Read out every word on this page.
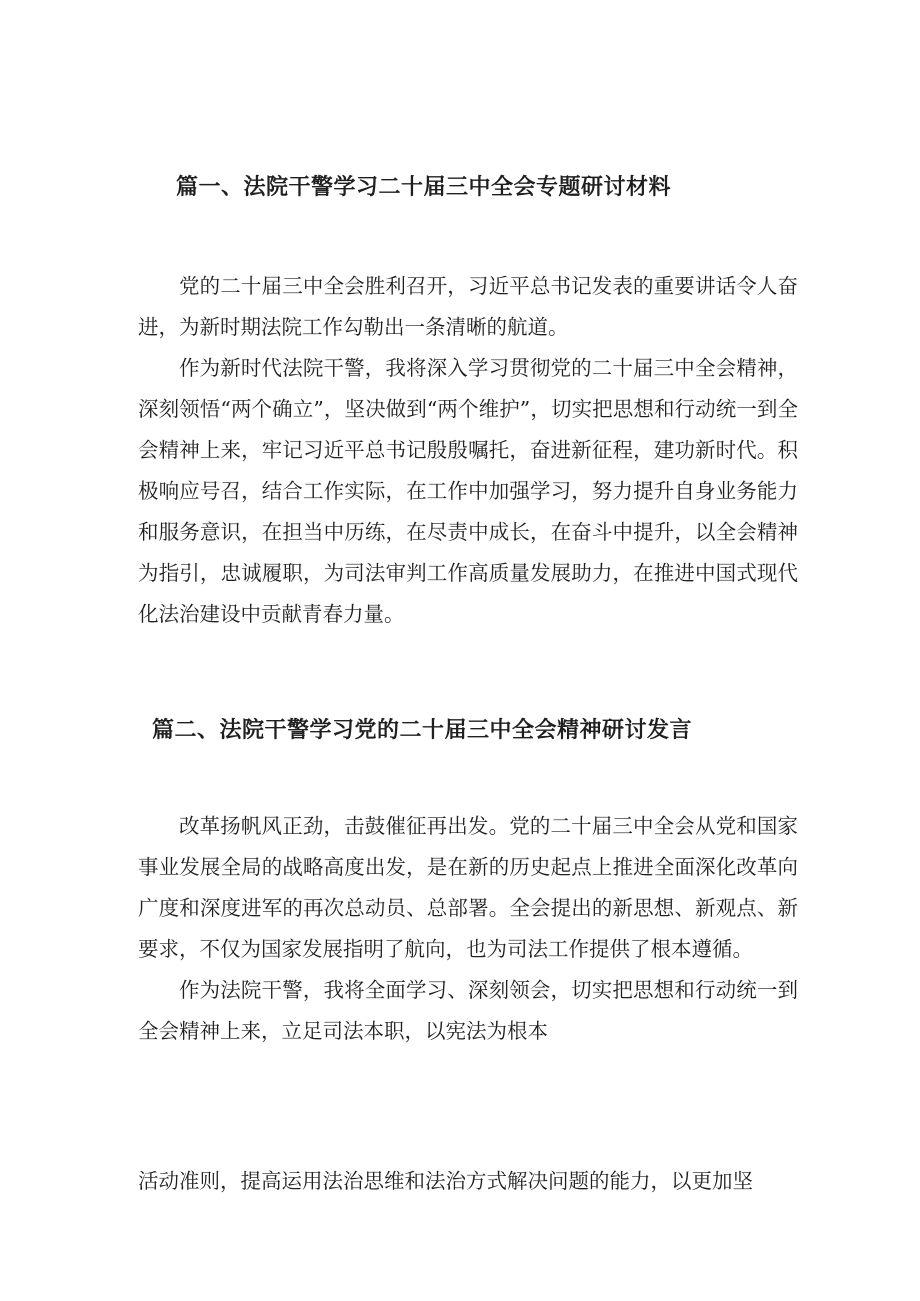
篇一、法院干警学习二十届三中全会专题研讨材料

党的二十届三中全会胜利召开，习近平总书记发表的重要讲话令人奋进，为新时期法院工作勾勒出一条清晰的航道。

作为新时代法院干警，我将深入学习贯彻党的二十届三中全会精神，深刻领悟“两个确立”，坚决做到“两个维护”，切实把思想和行动统一到全会精神上来，牢记习近平总书记殷殷嘱托，奋进新征程，建功新时代。积极响应号召，结合工作实际，在工作中加强学习，努力提升自身业务能力和服务意识，在担当中历练，在尽责中成长，在奋斗中提升，以全会精神为指引，忠诚履职，为司法审判工作高质量发展助力，在推进中国式现代化法治建设中贡献青春力量。

篇二、法院干警学习党的二十届三中全会精神研讨发言

改革扬帆风正劲，击鼓催征再出发。党的二十届三中全会从党和国家事业发展全局的战略高度出发，是在新的历史起点上推进全面深化改革向广度和深度进军的再次总动员、总部署。全会提出的新思想、新观点、新要求，不仅为国家发展指明了航向，也为司法工作提供了根本遵循。

作为法院干警，我将全面学习、深刻领会，切实把思想和行动统一到全会精神上来，立足司法本职，以宪法为根本

活动准则，提高运用法治思维和法治方式解决问题的能力，以更加坚
